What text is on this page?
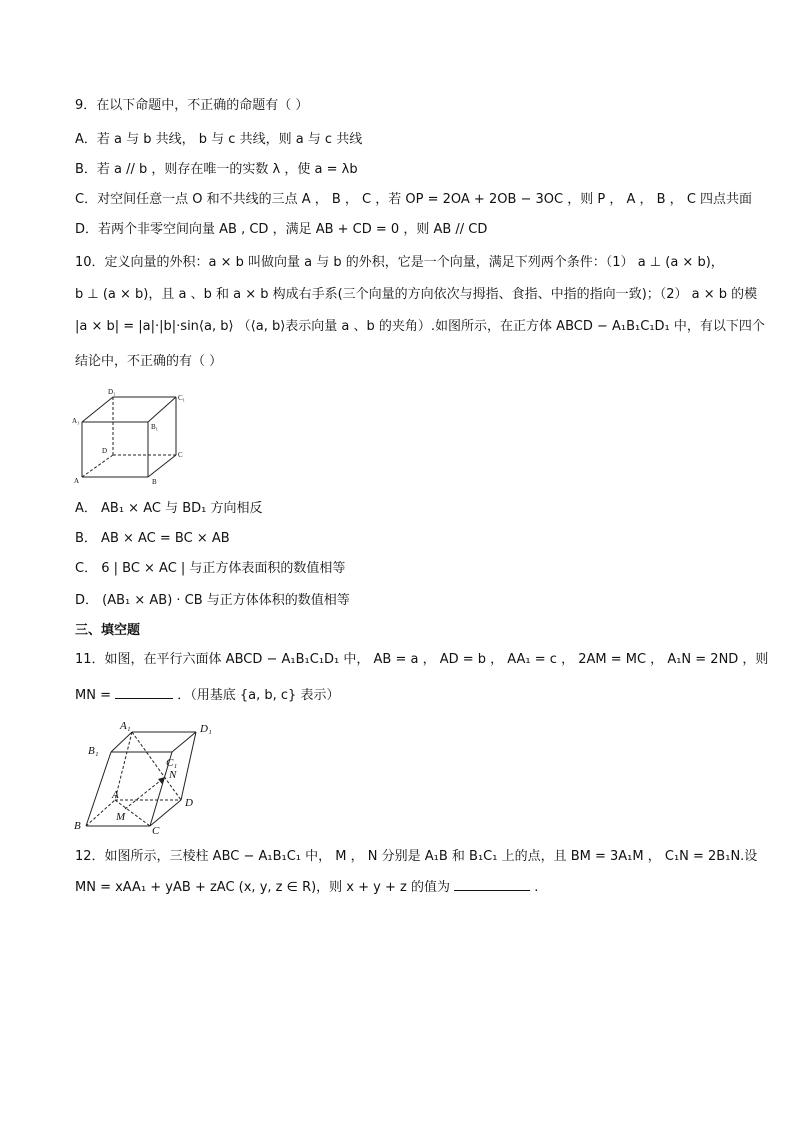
9．在以下命题中，不正确的命题有（ ）
A．若 a 与 b 共线， b 与 c 共线，则 a 与 c 共线
B．若 a // b ，则存在唯一的实数 λ ，使 a = λb
C．对空间任意一点 O 和不共线的三点 A ， B ， C ，若 OP = 2OA + 2OB − 3OC ，则 P ， A ， B ， C 四点共面
D．若两个非零空间向量 AB , CD ，满足 AB + CD = 0 ，则 AB // CD
10．定义向量的外积：a × b 叫做向量 a 与 b 的外积，它是一个向量，满足下列两个条件：（1） a ⊥ (a × b)，
b ⊥ (a × b)，且 a 、b 和 a × b 构成右手系(三个向量的方向依次与拇指、食指、中指的指向一致)；（2） a × b 的模
|a × b| = |a|·|b|·sin⟨a, b⟩ （⟨a, b⟩表示向量 a 、b 的夹角）.如图所示，在正方体 ABCD − A₁B₁C₁D₁ 中，有以下四个
结论中，不正确的有（ ）
D₁
C₁
A₁
B₁
D	C
A	B
A． AB₁ × AC 与 BD₁ 方向相反
B． AB × AC = BC × AB
C． 6 | BC × AC | 与正方体表面积的数值相等
D． (AB₁ × AB) · CB 与正方体体积的数值相等
三、填空题
11．如图，在平行六面体 ABCD − A₁B₁C₁D₁ 中， AB = a ， AD = b ， AA₁ = c ， 2AM = MC ， A₁N = 2ND ，则
MN =	．（用基底 {a, b, c} 表示）
A₁	D₁
B₁
C₁
N
A
M
D
B	C
12．如图所示，三棱柱 ABC − A₁B₁C₁ 中， M ， N 分别是 A₁B 和 B₁C₁ 上的点，且 BM = 3A₁M ， C₁N = 2B₁N.设
MN = xAA₁ + yAB + zAC (x, y, z ∈ R)，则 x + y + z 的值为	.
